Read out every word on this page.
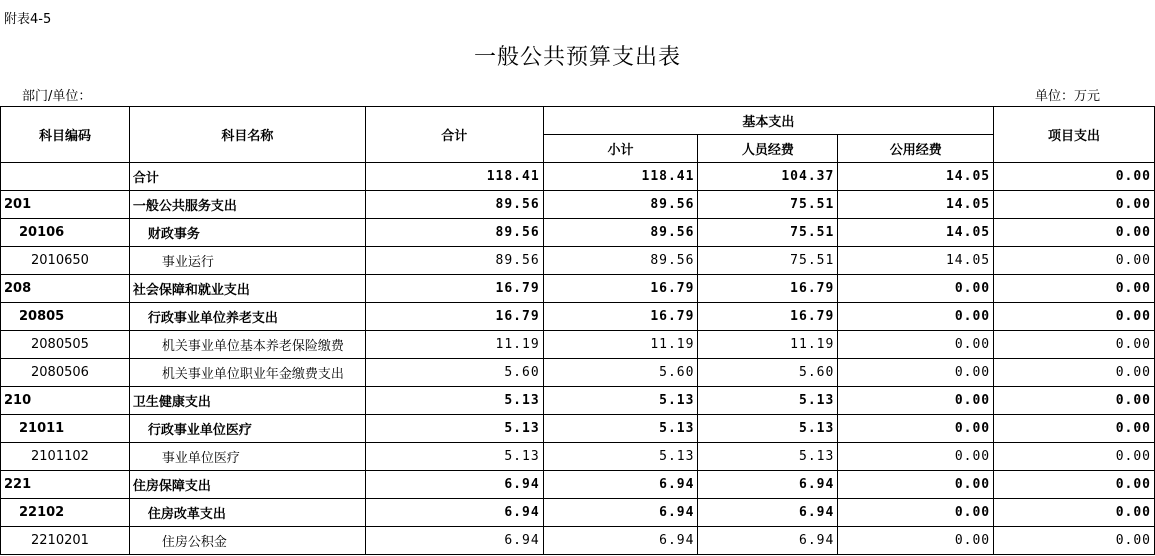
附表4-5
一般公共预算支出表
部门/单位：	单位：万元
科目编码	科目名称	合计	基本支出			项目支出
			小计	人员经费	公用经费	
	合计	118.41	118.41	104.37	14.05	0.00
201	一般公共服务支出	89.56	89.56	75.51	14.05	0.00
20106	财政事务	89.56	89.56	75.51	14.05	0.00
2010650	事业运行	89.56	89.56	75.51	14.05	0.00
208	社会保障和就业支出	16.79	16.79	16.79	0.00	0.00
20805	行政事业单位养老支出	16.79	16.79	16.79	0.00	0.00
2080505	机关事业单位基本养老保险缴费	11.19	11.19	11.19	0.00	0.00
2080506	机关事业单位职业年金缴费支出	5.60	5.60	5.60	0.00	0.00
210	卫生健康支出	5.13	5.13	5.13	0.00	0.00
21011	行政事业单位医疗	5.13	5.13	5.13	0.00	0.00
2101102	事业单位医疗	5.13	5.13	5.13	0.00	0.00
221	住房保障支出	6.94	6.94	6.94	0.00	0.00
22102	住房改革支出	6.94	6.94	6.94	0.00	0.00
2210201	住房公积金	6.94	6.94	6.94	0.00	0.00
